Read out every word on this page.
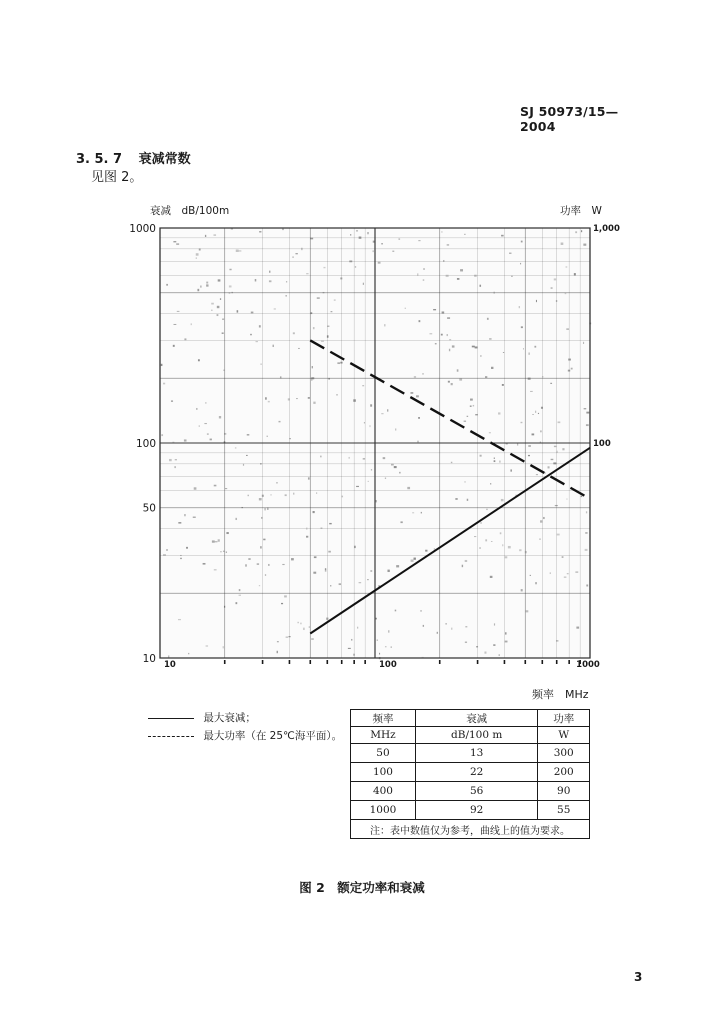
SJ 50973/15—2004
3. 5. 7 衰减常数
见图 2。
衰减　dB/100m	功率　W
1000
100
50
10
1,000
100
10	100	1000
频率　MHz
最大衰减；
最大功率（在 25℃海平面）。
频率	衰减	功率
MHz	dB/100 m	W
50	13	300
100	22	200
400	56	90
1000	92	55
注：表中数值仅为参考，曲线上的值为要求。		
图 2 额定功率和衰减
3
